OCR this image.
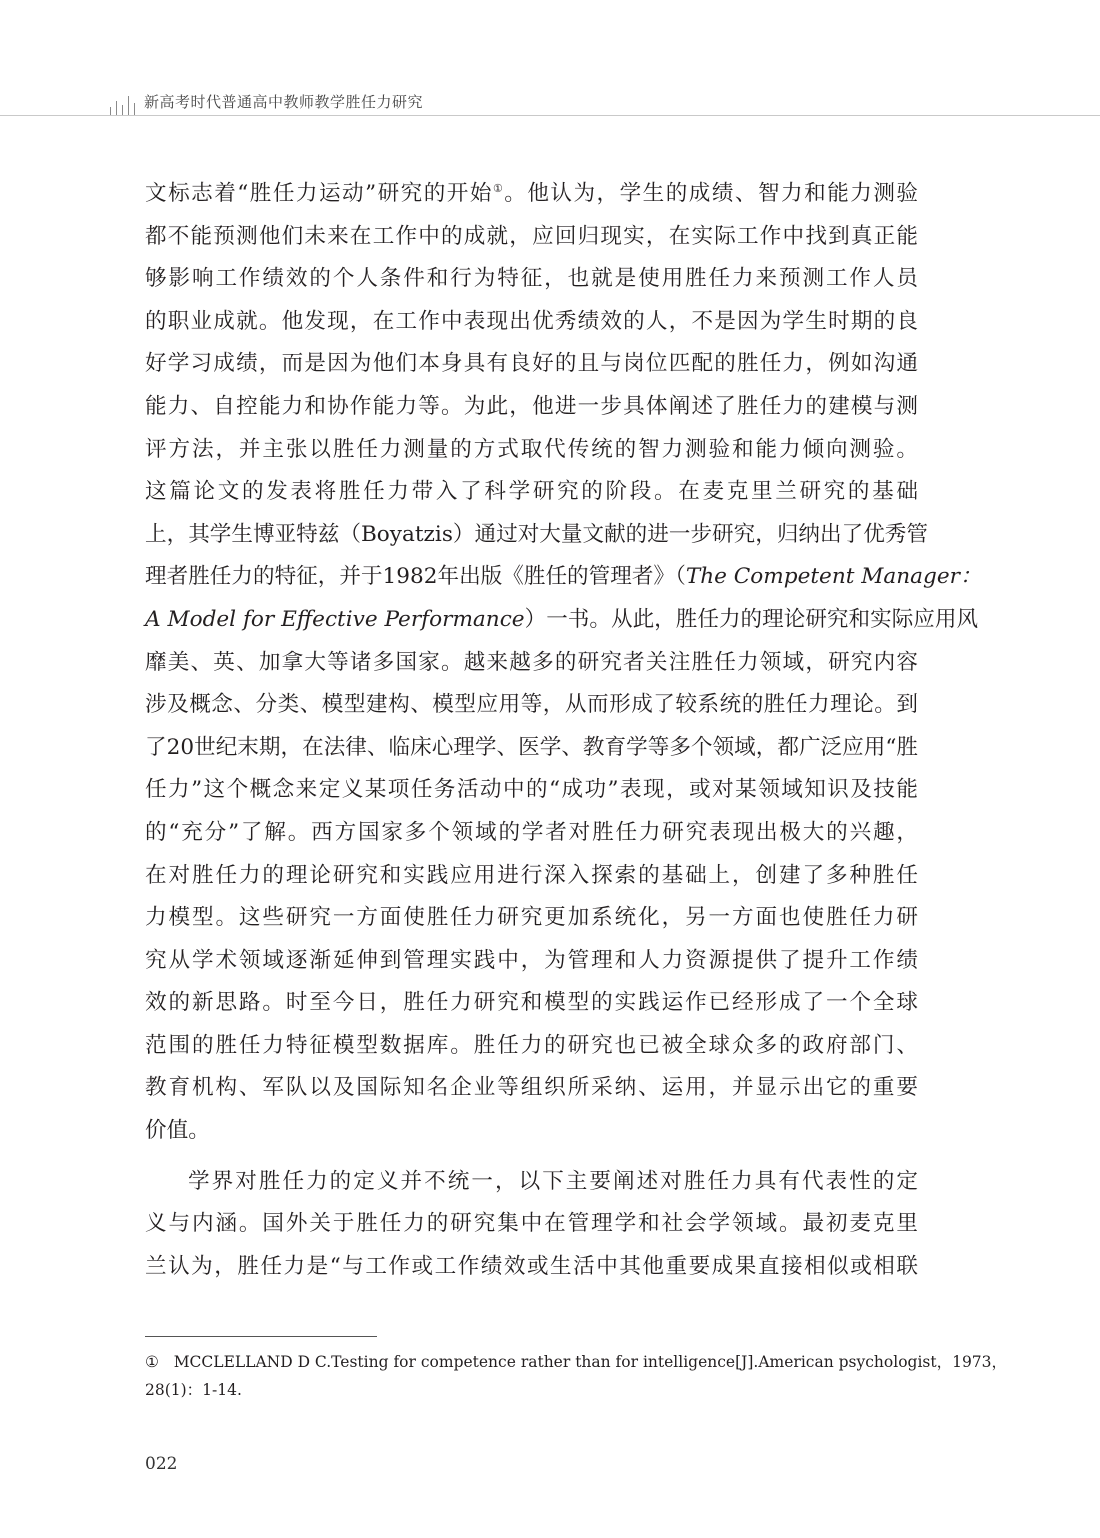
新高考时代普通高中教师教学胜任力研究

文标志着“胜任力运动”研究的开始①。他认为，学生的成绩、智力和能力测验
都不能预测他们未来在工作中的成就，应回归现实，在实际工作中找到真正能
够影响工作绩效的个人条件和行为特征，也就是使用胜任力来预测工作人员
的职业成就。他发现，在工作中表现出优秀绩效的人，不是因为学生时期的良
好学习成绩，而是因为他们本身具有良好的且与岗位匹配的胜任力，例如沟通
能力、自控能力和协作能力等。为此，他进一步具体阐述了胜任力的建模与测
评方法，并主张以胜任力测量的方式取代传统的智力测验和能力倾向测验。
这篇论文的发表将胜任力带入了科学研究的阶段。在麦克里兰研究的基础
上，其学生博亚特兹（Boyatzis）通过对大量文献的进一步研究，归纳出了优秀管
理者胜任力的特征，并于1982年出版《胜任的管理者》（The Competent Manager：
A Model for Effective Performance）一书。从此，胜任力的理论研究和实际应用风
靡美、英、加拿大等诸多国家。越来越多的研究者关注胜任力领域，研究内容
涉及概念、分类、模型建构、模型应用等，从而形成了较系统的胜任力理论。到
了20世纪末期，在法律、临床心理学、医学、教育学等多个领域，都广泛应用“胜
任力”这个概念来定义某项任务活动中的“成功”表现，或对某领域知识及技能
的“充分”了解。西方国家多个领域的学者对胜任力研究表现出极大的兴趣，
在对胜任力的理论研究和实践应用进行深入探索的基础上，创建了多种胜任
力模型。这些研究一方面使胜任力研究更加系统化，另一方面也使胜任力研
究从学术领域逐渐延伸到管理实践中，为管理和人力资源提供了提升工作绩
效的新思路。时至今日，胜任力研究和模型的实践运作已经形成了一个全球
范围的胜任力特征模型数据库。胜任力的研究也已被全球众多的政府部门、
教育机构、军队以及国际知名企业等组织所采纳、运用，并显示出它的重要
价值。

学界对胜任力的定义并不统一，以下主要阐述对胜任力具有代表性的定
义与内涵。国外关于胜任力的研究集中在管理学和社会学领域。最初麦克里
兰认为，胜任力是“与工作或工作绩效或生活中其他重要成果直接相似或相联

① MCCLELLAND D C.Testing for competence rather than for intelligence[J].American psychologist，1973，
28(1)：1-14.
022
